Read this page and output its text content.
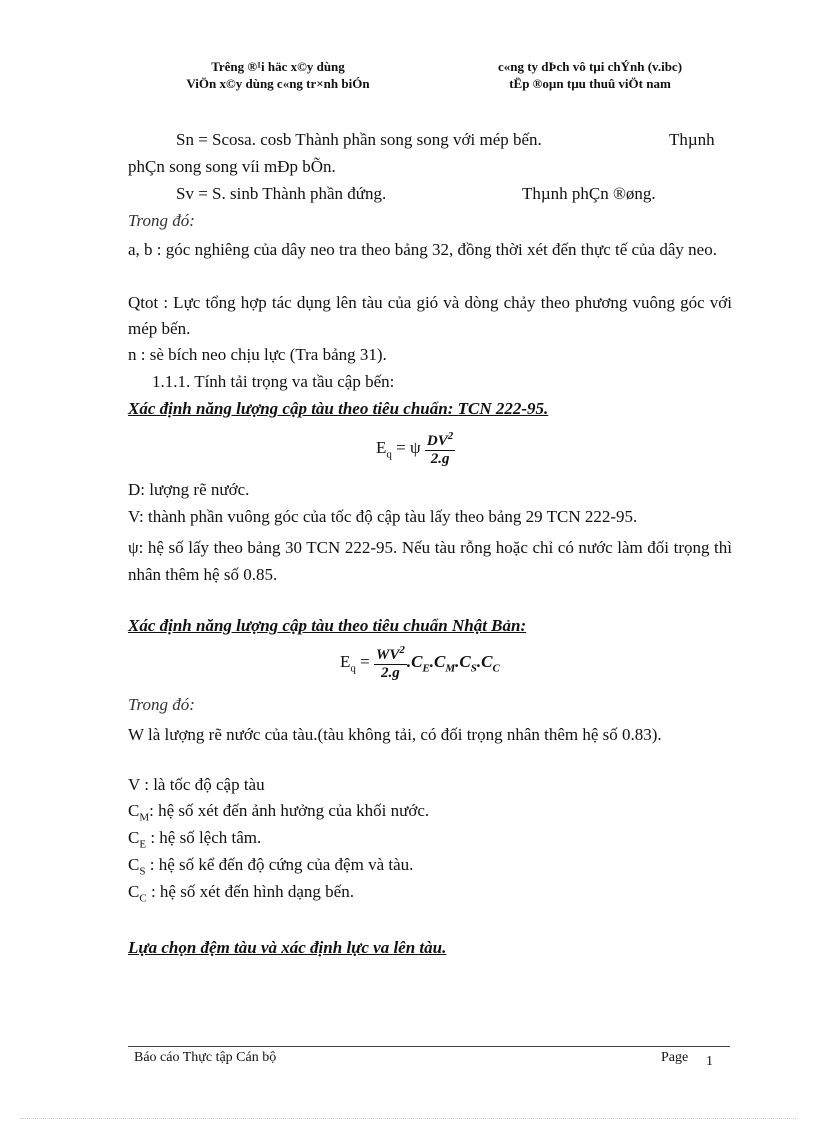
Trêng ®¹i häc x©y dùng
ViÖn x©y dùng c«ng tr×nh biÓn
c«ng ty dÞch vô tµi chÝnh (v.ibc)
tËp ®oµn tµu thuû viÖt nam
Sn = Scosa. cosb Thành phần song song với mép bến.	Thµnh
phÇn song song víi mÐp bÕn.
Sv = S. sinb Thành phần đứng.	Thµnh phÇn ®øng.
Trong đó:
a, b : góc nghiêng của dây neo tra theo bảng 32, đồng thời xét đến thực tế của dây neo.
Qtot : Lực tổng hợp tác dụng lên tàu của gió và dòng chảy theo phương vuông góc với mép bến.
n : sè bích neo chịu lực (Tra bảng 31).
1.1.1. Tính tải trọng va tầu cập bến:
Xác định năng lượng cập tàu theo tiêu chuẩn: TCN 222-95.
$E_q = \psi \frac{DV^2}{2.g}$
D: lượng rẽ nước.
V: thành phần vuông góc của tốc độ cập tàu lấy theo bảng 29 TCN 222-95.
ψ: hệ số lấy theo bảng 30 TCN 222-95. Nếu tàu rỗng hoặc chỉ có nước làm đối trọng thì nhân thêm hệ số 0.85.
Xác định năng lượng cập tàu theo tiêu chuẩn Nhật Bản:
$E_q = \frac{WV^2}{2.g} .C_E.C_M.C_S.C_C$
Trong đó:
W là lượng rẽ nước của tàu.(tàu không tải, có đối trọng nhân thêm hệ số 0.83).
V : là tốc độ cập tàu
$C_M$: hệ số xét đến ảnh hưởng của khối nước.
$C_E$ : hệ số lệch tâm.
$C_S$ : hệ số kể đến độ cứng của đệm và tàu.
$C_C$ : hệ số xét đến hình dạng bến.
Lựa chọn đệm tàu và xác định lực va lên tàu.
Báo cáo Thực tập Cán bộ	Page 1
